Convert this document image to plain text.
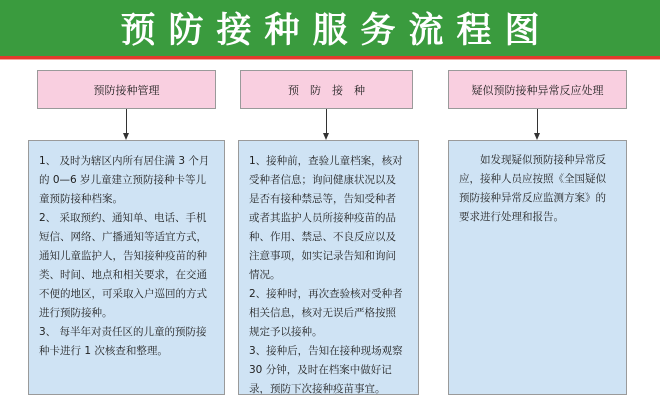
预防接种服务流程图
预防接种管理

1、 及时为辖区内所有居住满 3 个月的 0—6 岁儿童建立预防接种卡等儿童预防接种档案。

2、 采取预约、通知单、电话、手机短信、网络、广播通知等适宜方式，通知儿童监护人，告知接种疫苗的种类、时间、地点和相关要求，在交通不便的地区，可采取入户巡回的方式进行预防接种。

3、 每半年对责任区的儿童的预防接种卡进行 1 次核查和整理。

预　防　接　种

1、接种前，查验儿童档案，核对受种者信息；询问健康状况以及是否有接种禁忌等，告知受种者或者其监护人员所接种疫苗的品种、作用、禁忌、不良反应以及注意事项，如实记录告知和询问情况。

2、接种时，再次查验核对受种者相关信息，核对无误后严格按照规定予以接种。

3、接种后，告知在接种现场观察 30 分钟，及时在档案中做好记录，预防下次接种疫苗事宜。

疑似预防接种异常反应处理

如发现疑似预防接种异常反应，接种人员应按照《全国疑似预防接种异常反应监测方案》的要求进行处理和报告。
